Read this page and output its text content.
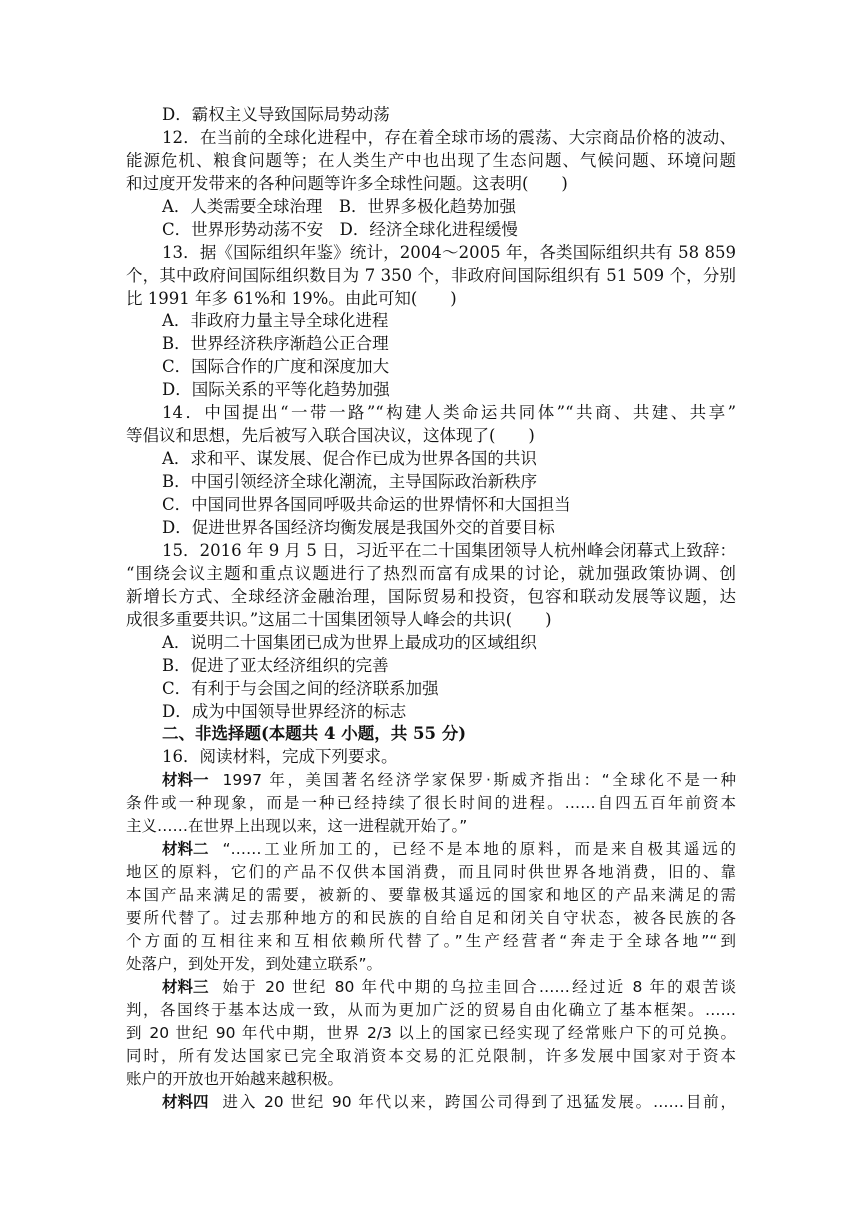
D．霸权主义导致国际局势动荡
12．在当前的全球化进程中，存在着全球市场的震荡、大宗商品价格的波动、
能源危机、粮食问题等；在人类生产中也出现了生态问题、气候问题、环境问题
和过度开发带来的各种问题等许多全球性问题。这表明(　　)
A．人类需要全球治理　B．世界多极化趋势加强
C．世界形势动荡不安　D．经济全球化进程缓慢
13．据《国际组织年鉴》统计，2004～2005 年，各类国际组织共有 58 859
个，其中政府间国际组织数目为 7 350 个，非政府间国际组织有 51 509 个，分别
比 1991 年多 61%和 19%。由此可知(　　)
A．非政府力量主导全球化进程
B．世界经济秩序渐趋公正合理
C．国际合作的广度和深度加大
D．国际关系的平等化趋势加强
14．中国提出“一带一路”“构建人类命运共同体”“共商、共建、共享”
等倡议和思想，先后被写入联合国决议，这体现了(　　)
A．求和平、谋发展、促合作已成为世界各国的共识
B．中国引领经济全球化潮流，主导国际政治新秩序
C．中国同世界各国同呼吸共命运的世界情怀和大国担当
D．促进世界各国经济均衡发展是我国外交的首要目标
15．2016 年 9 月 5 日，习近平在二十国集团领导人杭州峰会闭幕式上致辞：
“围绕会议主题和重点议题进行了热烈而富有成果的讨论，就加强政策协调、创
新增长方式、全球经济金融治理，国际贸易和投资，包容和联动发展等议题，达
成很多重要共识。”这届二十国集团领导人峰会的共识(　　)
A．说明二十国集团已成为世界上最成功的区域组织
B．促进了亚太经济组织的完善
C．有利于与会国之间的经济联系加强
D．成为中国领导世界经济的标志
二、非选择题(本题共 4 小题，共 55 分)
16．阅读材料，完成下列要求。
材料一 1997 年，美国著名经济学家保罗·斯威齐指出：“全球化不是一种
条件或一种现象，而是一种已经持续了很长时间的进程。……自四五百年前资本
主义……在世界上出现以来，这一进程就开始了。”
材料二 “……工业所加工的，已经不是本地的原料，而是来自极其遥远的
地区的原料，它们的产品不仅供本国消费，而且同时供世界各地消费，旧的、靠
本国产品来满足的需要，被新的、要靠极其遥远的国家和地区的产品来满足的需
要所代替了。过去那种地方的和民族的自给自足和闭关自守状态，被各民族的各
个方面的互相往来和互相依赖所代替了。”生产经营者“奔走于全球各地”“到
处落户，到处开发，到处建立联系”。
材料三 始于 20 世纪 80 年代中期的乌拉圭回合……经过近 8 年的艰苦谈
判，各国终于基本达成一致，从而为更加广泛的贸易自由化确立了基本框架。……
到 20 世纪 90 年代中期，世界 2/3 以上的国家已经实现了经常账户下的可兑换。
同时，所有发达国家已完全取消资本交易的汇兑限制，许多发展中国家对于资本
账户的开放也开始越来越积极。
材料四 进入 20 世纪 90 年代以来，跨国公司得到了迅猛发展。……目前，
